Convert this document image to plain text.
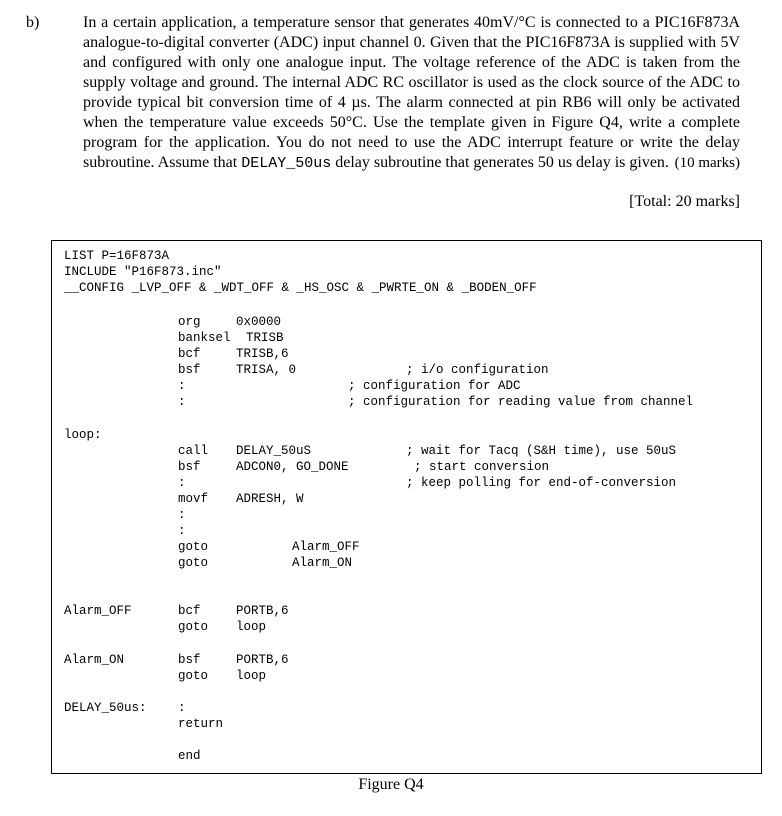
b)	In a certain application, a temperature sensor that generates 40mV/°C is connected to a PIC16F873A analogue-to-digital converter (ADC) input channel 0. Given that the PIC16F873A is supplied with 5V and configured with only one analogue input. The voltage reference of the ADC is taken from the supply voltage and ground. The internal ADC RC oscillator is used as the clock source of the ADC to provide typical bit conversion time of 4 µs. The alarm connected at pin RB6 will only be activated when the temperature value exceeds 50°C. Use the template given in Figure Q4, write a complete program for the application. You do not need to use the ADC interrupt feature or write the delay subroutine. Assume that DELAY_50us delay subroutine that generates 50 us delay is given. (10 marks)
[Total: 20 marks]
LIST P=16F873A
INCLUDE "P16F873.inc"
__CONFIG _LVP_OFF & _WDT_OFF & _HS_OSC & _PWRTE_ON & _BODEN_OFF
org	0x0000
banksel TRISB
bcf	TRISB,6
bsf	TRISA, 0	; i/o configuration
:	; configuration for ADC
:	; configuration for reading value from channel
loop:
call DELAY_50uS	; wait for Tacq (S&H time), use 50uS
bsf	ADCON0, GO_DONE	; start conversion
:	; keep polling for end-of-conversion
movf ADRESH, W
:
:
goto	Alarm_OFF
goto	Alarm_ON
Alarm_OFF	bcf	PORTB,6
goto loop
Alarm_ON	bsf	PORTB,6
goto loop
DELAY_50us:	:
return
end
Figure Q4
